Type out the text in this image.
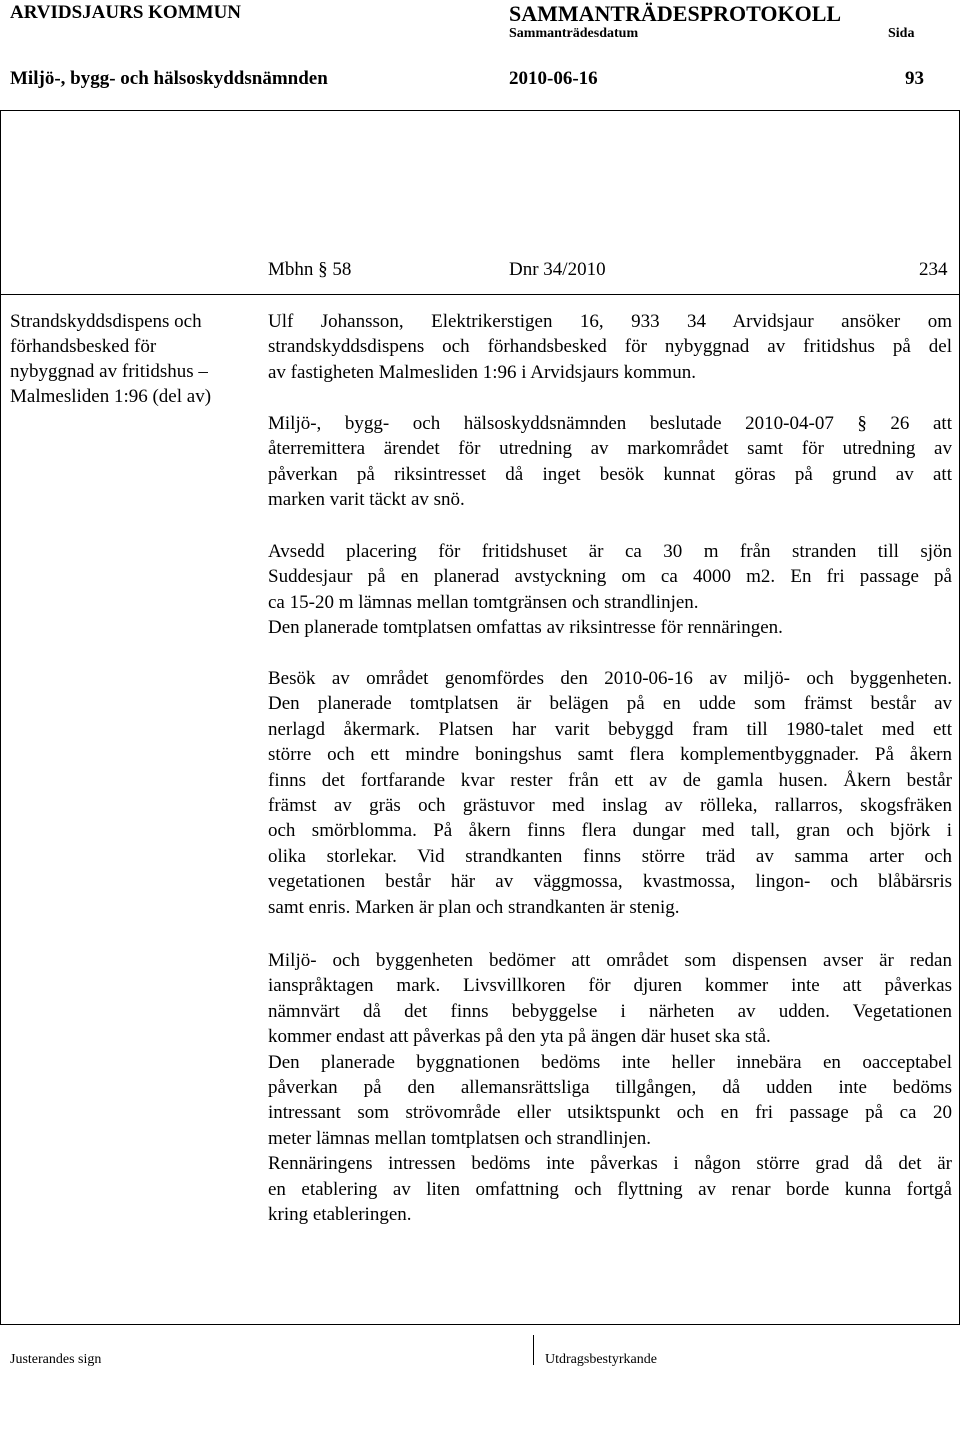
ARVIDSJAURS KOMMUN	SAMMANTRÄDESPROTOKOLL
Sammanträdesdatum	Sida
Miljö-, bygg- och hälsoskyddsnämnden	2010-06-16	93
Mbhn § 58	Dnr 34/2010	234
Strandskyddsdispens och
förhandsbesked för
nybyggnad av fritidshus –
Malmesliden 1:96 (del av)
Ulf Johansson, Elektrikerstigen 16, 933 34 Arvidsjaur ansöker om
strandskyddsdispens och förhandsbesked för nybyggnad av fritidshus på del
av fastigheten Malmesliden 1:96 i Arvidsjaurs kommun.
Miljö-, bygg- och hälsoskyddsnämnden beslutade 2010-04-07 § 26 att
återremittera ärendet för utredning av markområdet samt för utredning av
påverkan på riksintresset då inget besök kunnat göras på grund av att
marken varit täckt av snö.
Avsedd placering för fritidshuset är ca 30 m från stranden till sjön
Suddesjaur på en planerad avstyckning om ca 4000 m2. En fri passage på
ca 15-20 m lämnas mellan tomtgränsen och strandlinjen.
Den planerade tomtplatsen omfattas av riksintresse för rennäringen.
Besök av området genomfördes den 2010-06-16 av miljö- och byggenheten.
Den planerade tomtplatsen är belägen på en udde som främst består av
nerlagd åkermark. Platsen har varit bebyggd fram till 1980-talet med ett
större och ett mindre boningshus samt flera komplementbyggnader. På åkern
finns det fortfarande kvar rester från ett av de gamla husen. Åkern består
främst av gräs och grästuvor med inslag av rölleka, rallarros, skogsfräken
och smörblomma. På åkern finns flera dungar med tall, gran och björk i
olika storlekar. Vid strandkanten finns större träd av samma arter och
vegetationen består här av väggmossa, kvastmossa, lingon- och blåbärsris
samt enris. Marken är plan och strandkanten är stenig.
Miljö- och byggenheten bedömer att området som dispensen avser är redan
ianspråktagen mark. Livsvillkoren för djuren kommer inte att påverkas
nämnvärt då det finns bebyggelse i närheten av udden. Vegetationen
kommer endast att påverkas på den yta på ängen där huset ska stå.
Den planerade byggnationen bedöms inte heller innebära en oacceptabel
påverkan på den allemansrättsliga tillgången, då udden inte bedöms
intressant som strövområde eller utsiktspunkt och en fri passage på ca 20
meter lämnas mellan tomtplatsen och strandlinjen.
Rennäringens intressen bedöms inte påverkas i någon större grad då det är
en etablering av liten omfattning och flyttning av renar borde kunna fortgå
kring etableringen.
Justerandes sign	Utdragsbestyrkande
